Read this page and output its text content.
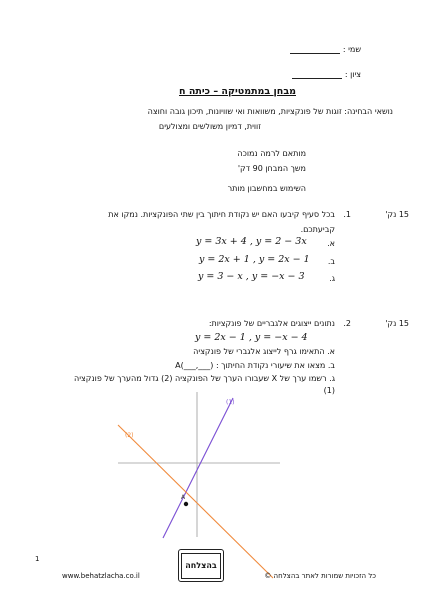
שמי :
ציון :
מבחן במתמטיקה – כיתה ח
נושאי הבחינה: זוגות של פונקציות, משוואות ואי שוויונות, תיכון גובה וחוצה
זווית, דמיון משולשים ומצולעים
מותאם לרמה נמוכה
משך המבחן 90 דק'
השימוש במחשבון מותר
15 נק'
1.
בכל סעיף קיבעו האם יש נקודת חיתוך בין שתי הפונקציות. נמקו את
קביעתכם.
א.
y = 3x + 4 , y = 2 − 3x
ב.
y = 2x + 1 , y = 2x − 1
ג.
y = 3 − x , y = −x − 3
15 נק'
2.
נתונים ייצוגים אלגבריים של פונקציות:
y = 2x − 1 , y = −x − 4
א. התאימו גרף לייצוג אלגברי של פונקציה
ב. מצאו את שיעורי נקודת החיתוך : (___,___)A
ג. רשמו ערך של X שעבורו הערך של הפונקציה (2) גדול מהערך של פונקציה
(1)
(1)
(2)
A
1
www.behatzlacha.co.il
בהצלחה
כל הזכויות שמורות לאתר בהצלחה ©
